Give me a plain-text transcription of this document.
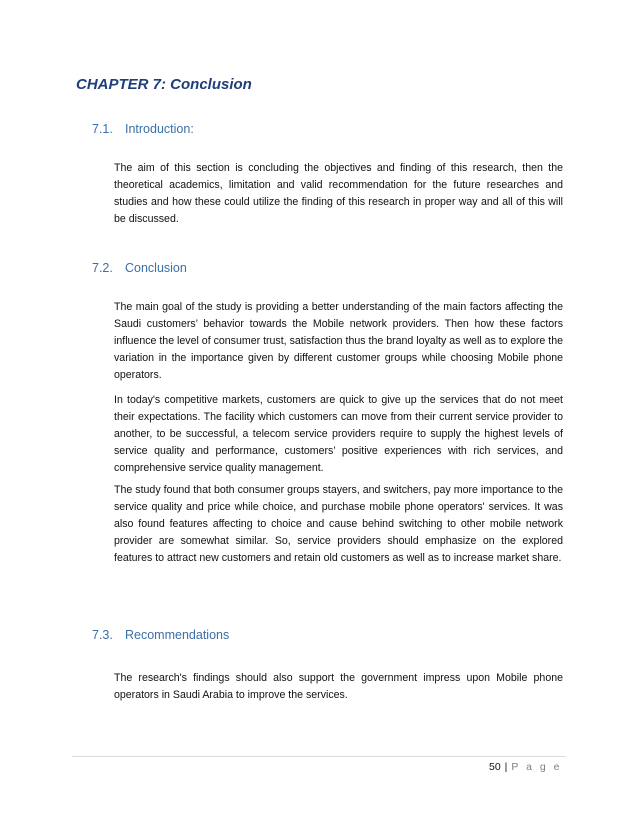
CHAPTER 7: Conclusion
7.1. Introduction:

The aim of this section is concluding the objectives and finding of this research, then the theoretical academics, limitation and valid recommendation for the future researches and studies and how these could utilize the finding of this research in proper way and all of this will be discussed.

7.2. Conclusion

The main goal of the study is providing a better understanding of the main factors affecting the Saudi customers’ behavior towards the Mobile network providers. Then how these factors influence the level of consumer trust, satisfaction thus the brand loyalty as well as to explore the variation in the importance given by different customer groups while choosing Mobile phone operators.

In today's competitive markets, customers are quick to give up the services that do not meet their expectations. The facility which customers can move from their current service provider to another, to be successful, a telecom service providers require to supply the highest levels of service quality and performance, customers’ positive experiences with rich services, and comprehensive service quality management.

The study found that both consumer groups stayers, and switchers, pay more importance to the service quality and price while choice, and purchase mobile phone operators' services. It was also found features affecting to choice and cause behind switching to other mobile network provider are somewhat similar. So, service providers should emphasize on the explored features to attract new customers and retain old customers as well as to increase market share.

7.3. Recommendations

The research's findings should also support the government impress upon Mobile phone operators in Saudi Arabia to improve the services.

50 | P a g e
